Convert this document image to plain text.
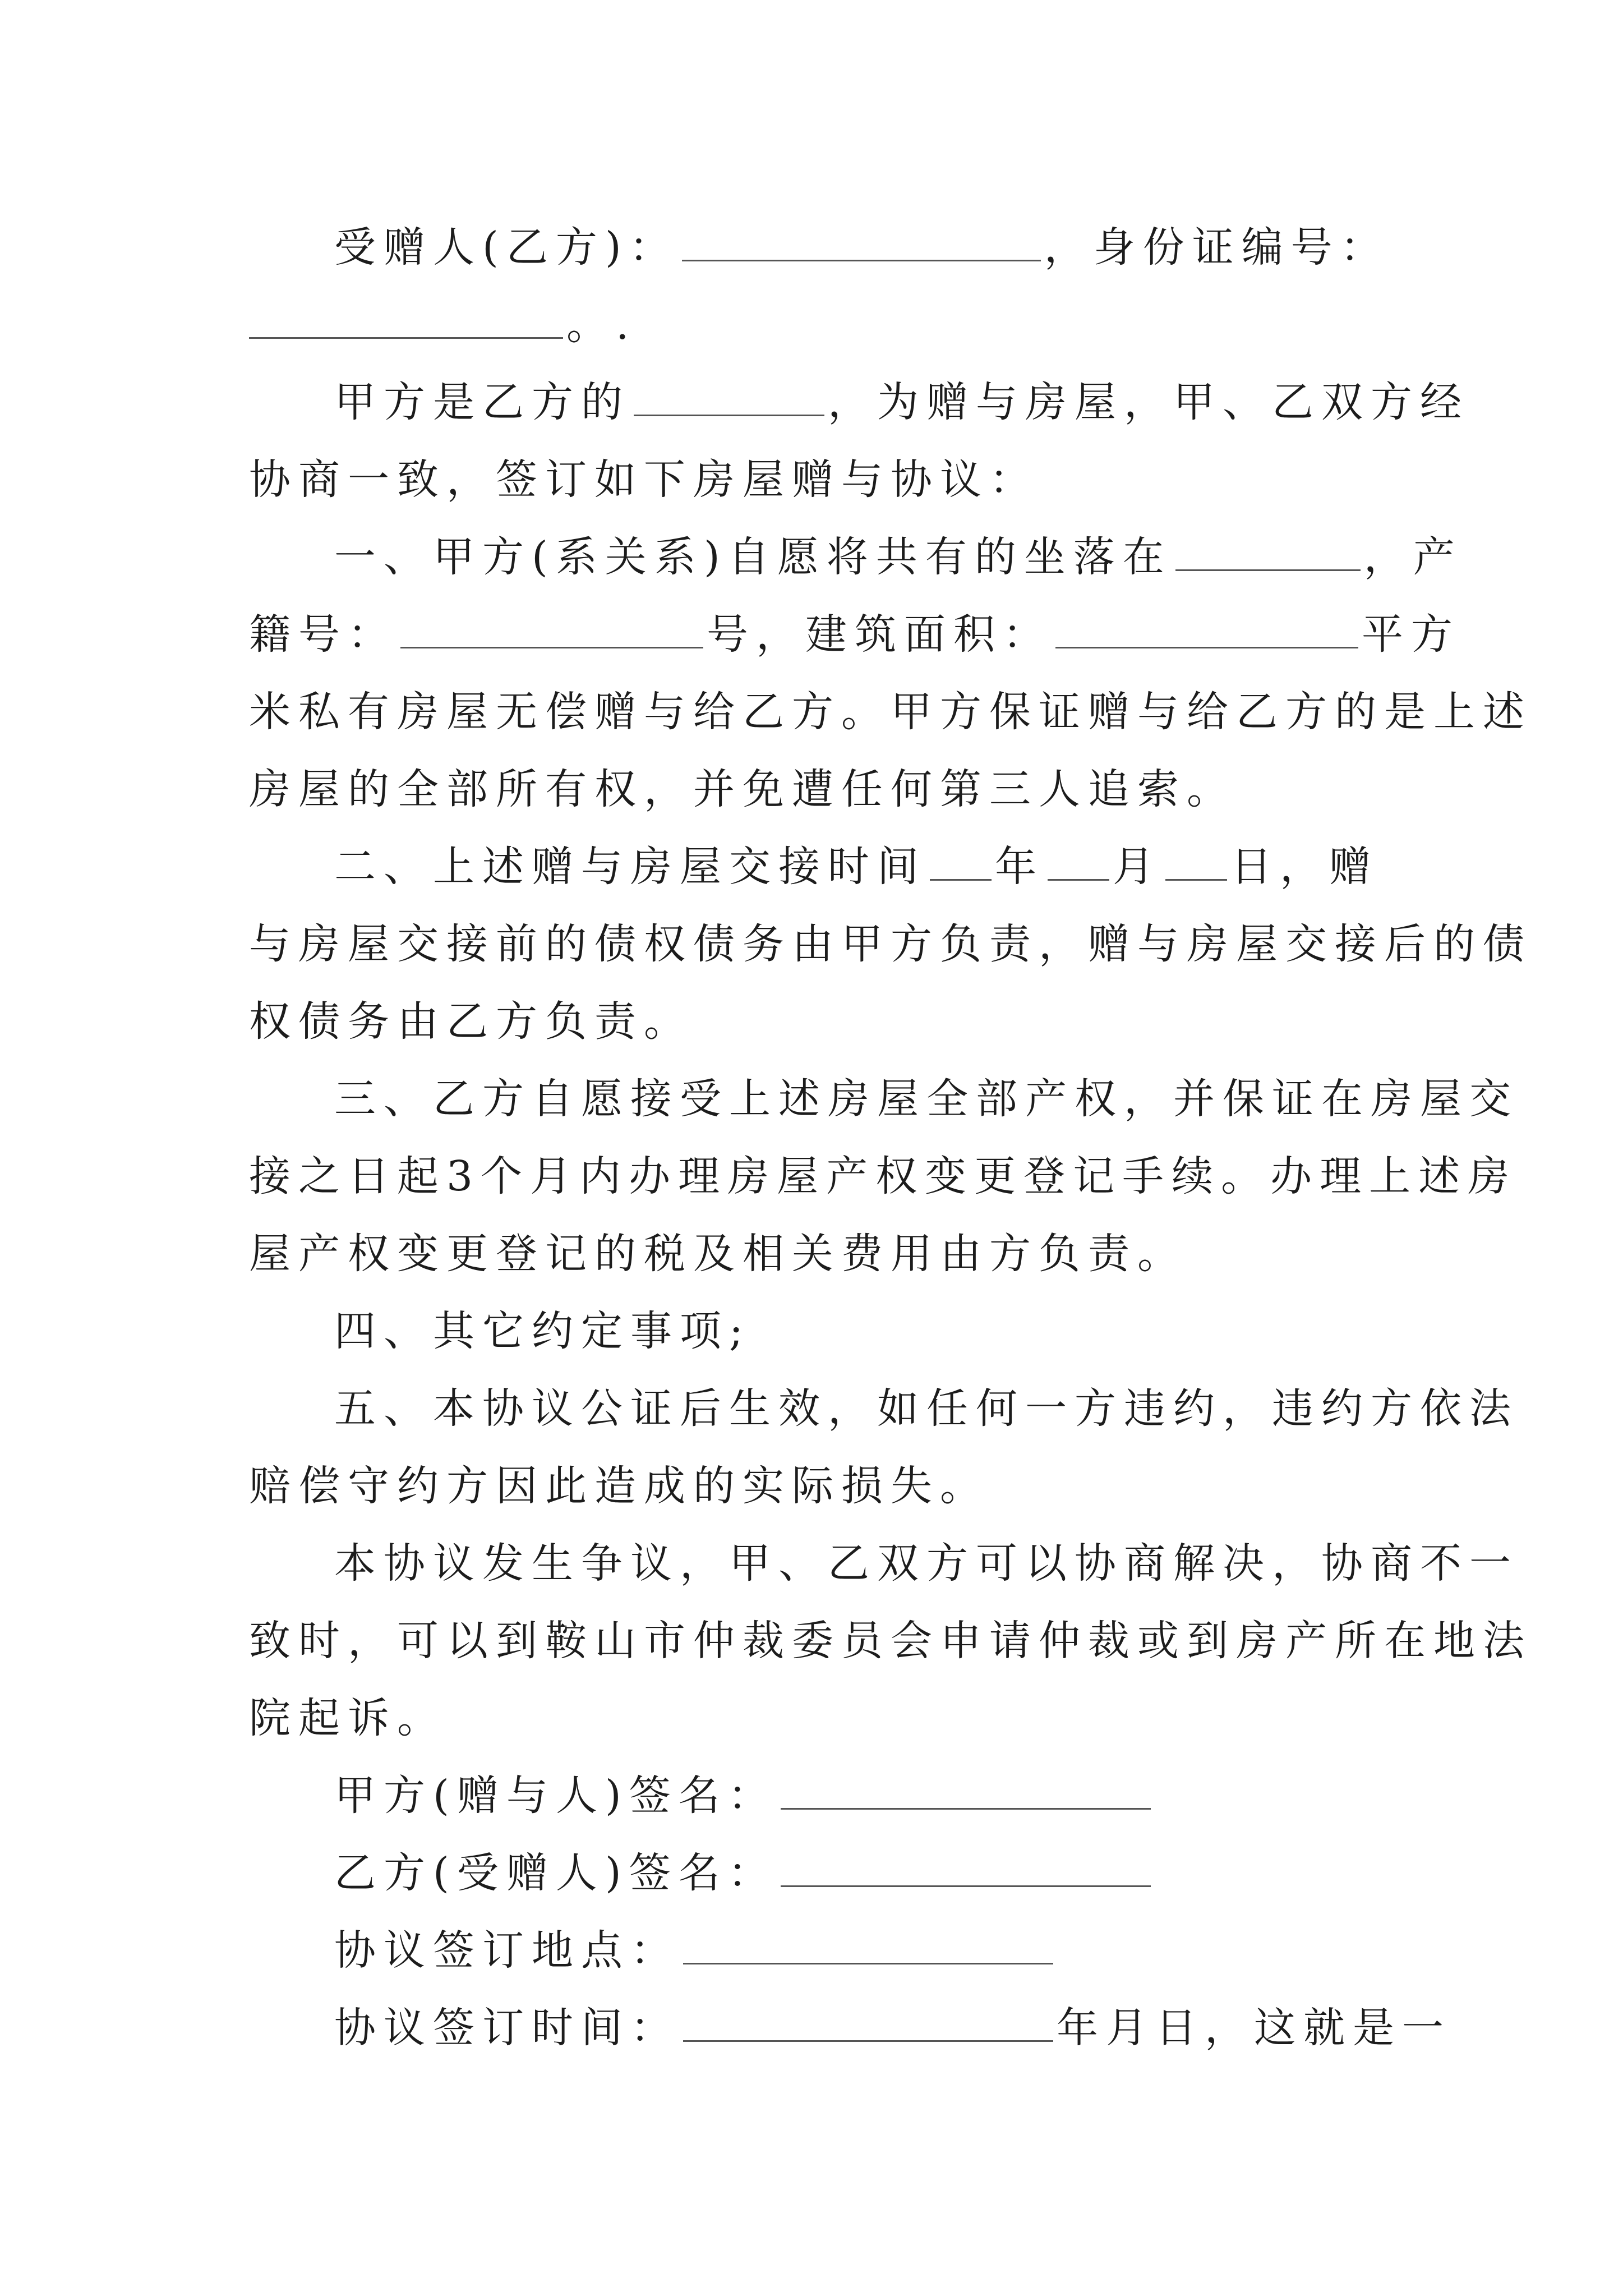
受赠人(乙方)：	，身份证编号：
。.
甲方是乙方的	，为赠与房屋，甲、乙双方经
协商一致，签订如下房屋赠与协议：
一、甲方(系关系)自愿将共有的坐落在	，产
籍号：	号，建筑面积：	平方
米私有房屋无偿赠与给乙方。甲方保证赠与给乙方的是上述
房屋的全部所有权，并免遭任何第三人追索。
二、上述赠与房屋交接时间 年 月 日，赠
与房屋交接前的债权债务由甲方负责，赠与房屋交接后的债
权债务由乙方负责。
三、乙方自愿接受上述房屋全部产权，并保证在房屋交
接之日起3个月内办理房屋产权变更登记手续。办理上述房
屋产权变更登记的税及相关费用由方负责。
四、其它约定事项;
五、本协议公证后生效，如任何一方违约，违约方依法
赔偿守约方因此造成的实际损失。
本协议发生争议，甲、乙双方可以协商解决，协商不一
致时，可以到鞍山市仲裁委员会申请仲裁或到房产所在地法
院起诉。
甲方(赠与人)签名：
乙方(受赠人)签名：
协议签订地点：
协议签订时间：	年月日，这就是一
